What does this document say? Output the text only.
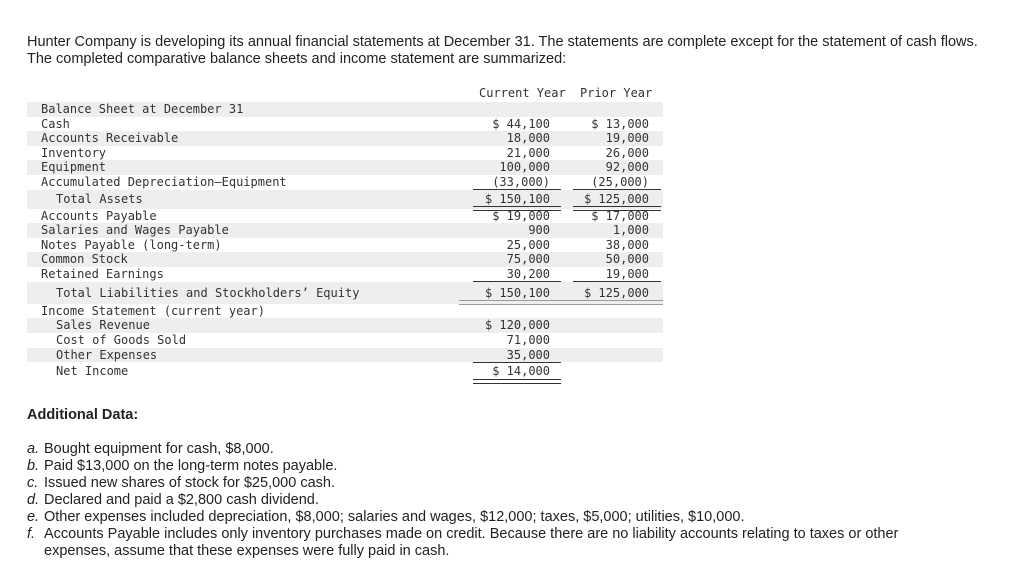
Hunter Company is developing its annual financial statements at December 31. The statements are complete except for the statement of cash flows. The completed comparative balance sheets and income statement are summarized:

Current Year Prior Year
Balance Sheet at December 31
Cash	$ 44,100	$ 13,000
Accounts Receivable	18,000	19,000
Inventory	21,000	26,000
Equipment	100,000	92,000
Accumulated Depreciation—Equipment	(33,000)	(25,000)
Total Assets	$ 150,100	$ 125,000
Accounts Payable	$ 19,000	$ 17,000
Salaries and Wages Payable	900	1,000
Notes Payable (long-term)	25,000	38,000
Common Stock	75,000	50,000
Retained Earnings	30,200	19,000
Total Liabilities and Stockholders’ Equity	$ 150,100	$ 125,000
Income Statement (current year)
Sales Revenue	$ 120,000
Cost of Goods Sold	71,000
Other Expenses	35,000
Net Income	$ 14,000

Additional Data:

a. Bought equipment for cash, $8,000.
b. Paid $13,000 on the long-term notes payable.
c. Issued new shares of stock for $25,000 cash.
d. Declared and paid a $2,800 cash dividend.
e. Other expenses included depreciation, $8,000; salaries and wages, $12,000; taxes, $5,000; utilities, $10,000.
f. Accounts Payable includes only inventory purchases made on credit. Because there are no liability accounts relating to taxes or other expenses, assume that these expenses were fully paid in cash.
